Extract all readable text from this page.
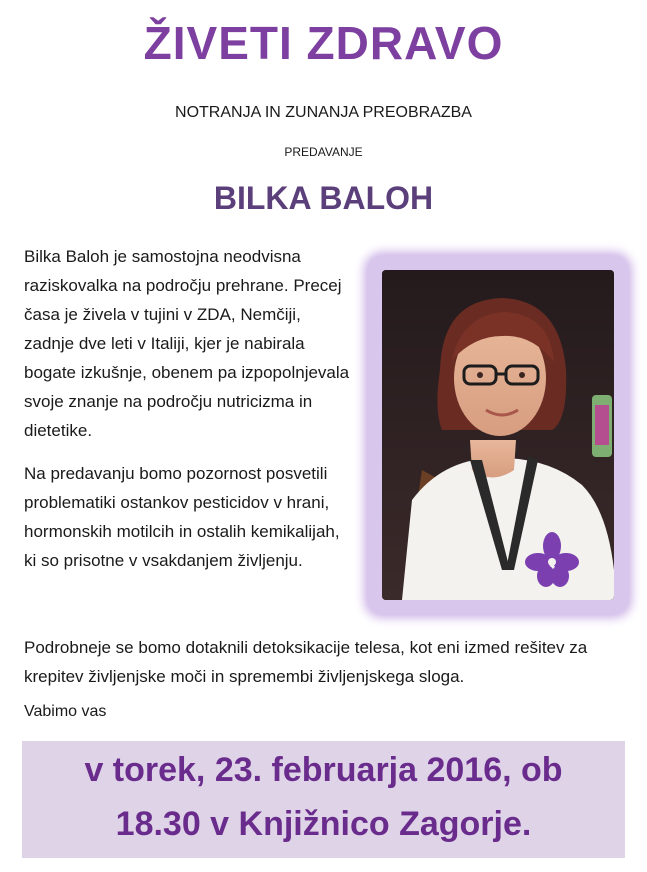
ŽIVETI ZDRAVO
NOTRANJA IN ZUNANJA PREOBRAZBA
PREDAVANJE
BILKA BALOH

Bilka Baloh je samostojna neodvisna raziskovalka na področju prehrane. Precej časa je živela v tujini v ZDA, Nemčiji, zadnje dve leti v Italiji, kjer je nabirala bogate izkušnje, obenem pa izpopolnjevala svoje znanje na področju nutricizma in dietetike.

Na predavanju bomo pozornost posvetili problematiki ostankov pesticidov v hrani, hormonskih motilcih in ostalih kemikalijah, ki so prisotne v vsakdanjem življenju.

Podrobneje se bomo dotaknili detoksikacije telesa, kot eni izmed rešitev za krepitev življenjske moči in spremembi življenjskega sloga.

Vabimo vas

v torek, 23. februarja 2016, ob
18.30 v Knjižnico Zagorje.
